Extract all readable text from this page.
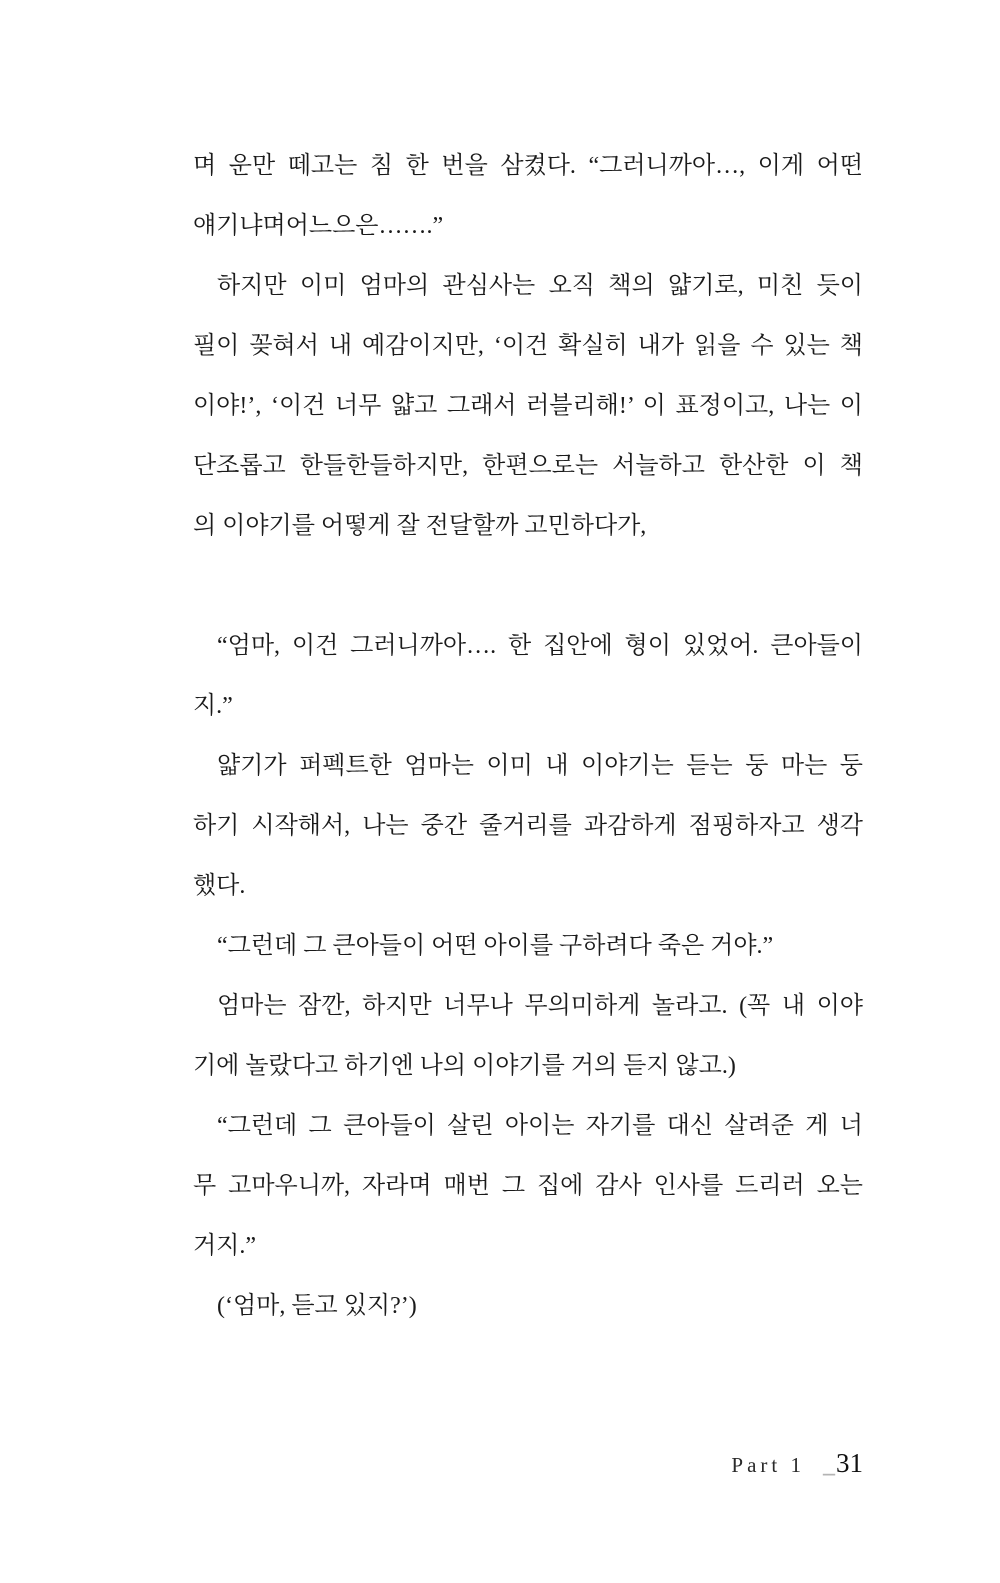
며 운만 떼고는 침 한 번을 삼켰다. “그러니까아…, 이게 어떤
얘기냐며어느으은…….”

하지만 이미 엄마의 관심사는 오직 책의 얇기로, 미친 듯이
필이 꽂혀서 내 예감이지만, ‘이건 확실히 내가 읽을 수 있는 책
이야!’, ‘이건 너무 얇고 그래서 러블리해!’ 이 표정이고, 나는 이
단조롭고 한들한들하지만, 한편으로는 서늘하고 한산한 이 책
의 이야기를 어떻게 잘 전달할까 고민하다가,

“엄마, 이건 그러니까아…. 한 집안에 형이 있었어. 큰아들이
지.”

얇기가 퍼펙트한 엄마는 이미 내 이야기는 듣는 둥 마는 둥
하기 시작해서, 나는 중간 줄거리를 과감하게 점핑하자고 생각
했다.

“그런데 그 큰아들이 어떤 아이를 구하려다 죽은 거야.”

엄마는 잠깐, 하지만 너무나 무의미하게 놀라고. (꼭 내 이야
기에 놀랐다고 하기엔 나의 이야기를 거의 듣지 않고.)

“그런데 그 큰아들이 살린 아이는 자기를 대신 살려준 게 너
무 고마우니까, 자라며 매번 그 집에 감사 인사를 드리러 오는
거지.”

(‘엄마, 듣고 있지?’)

Part 1 _ 31
